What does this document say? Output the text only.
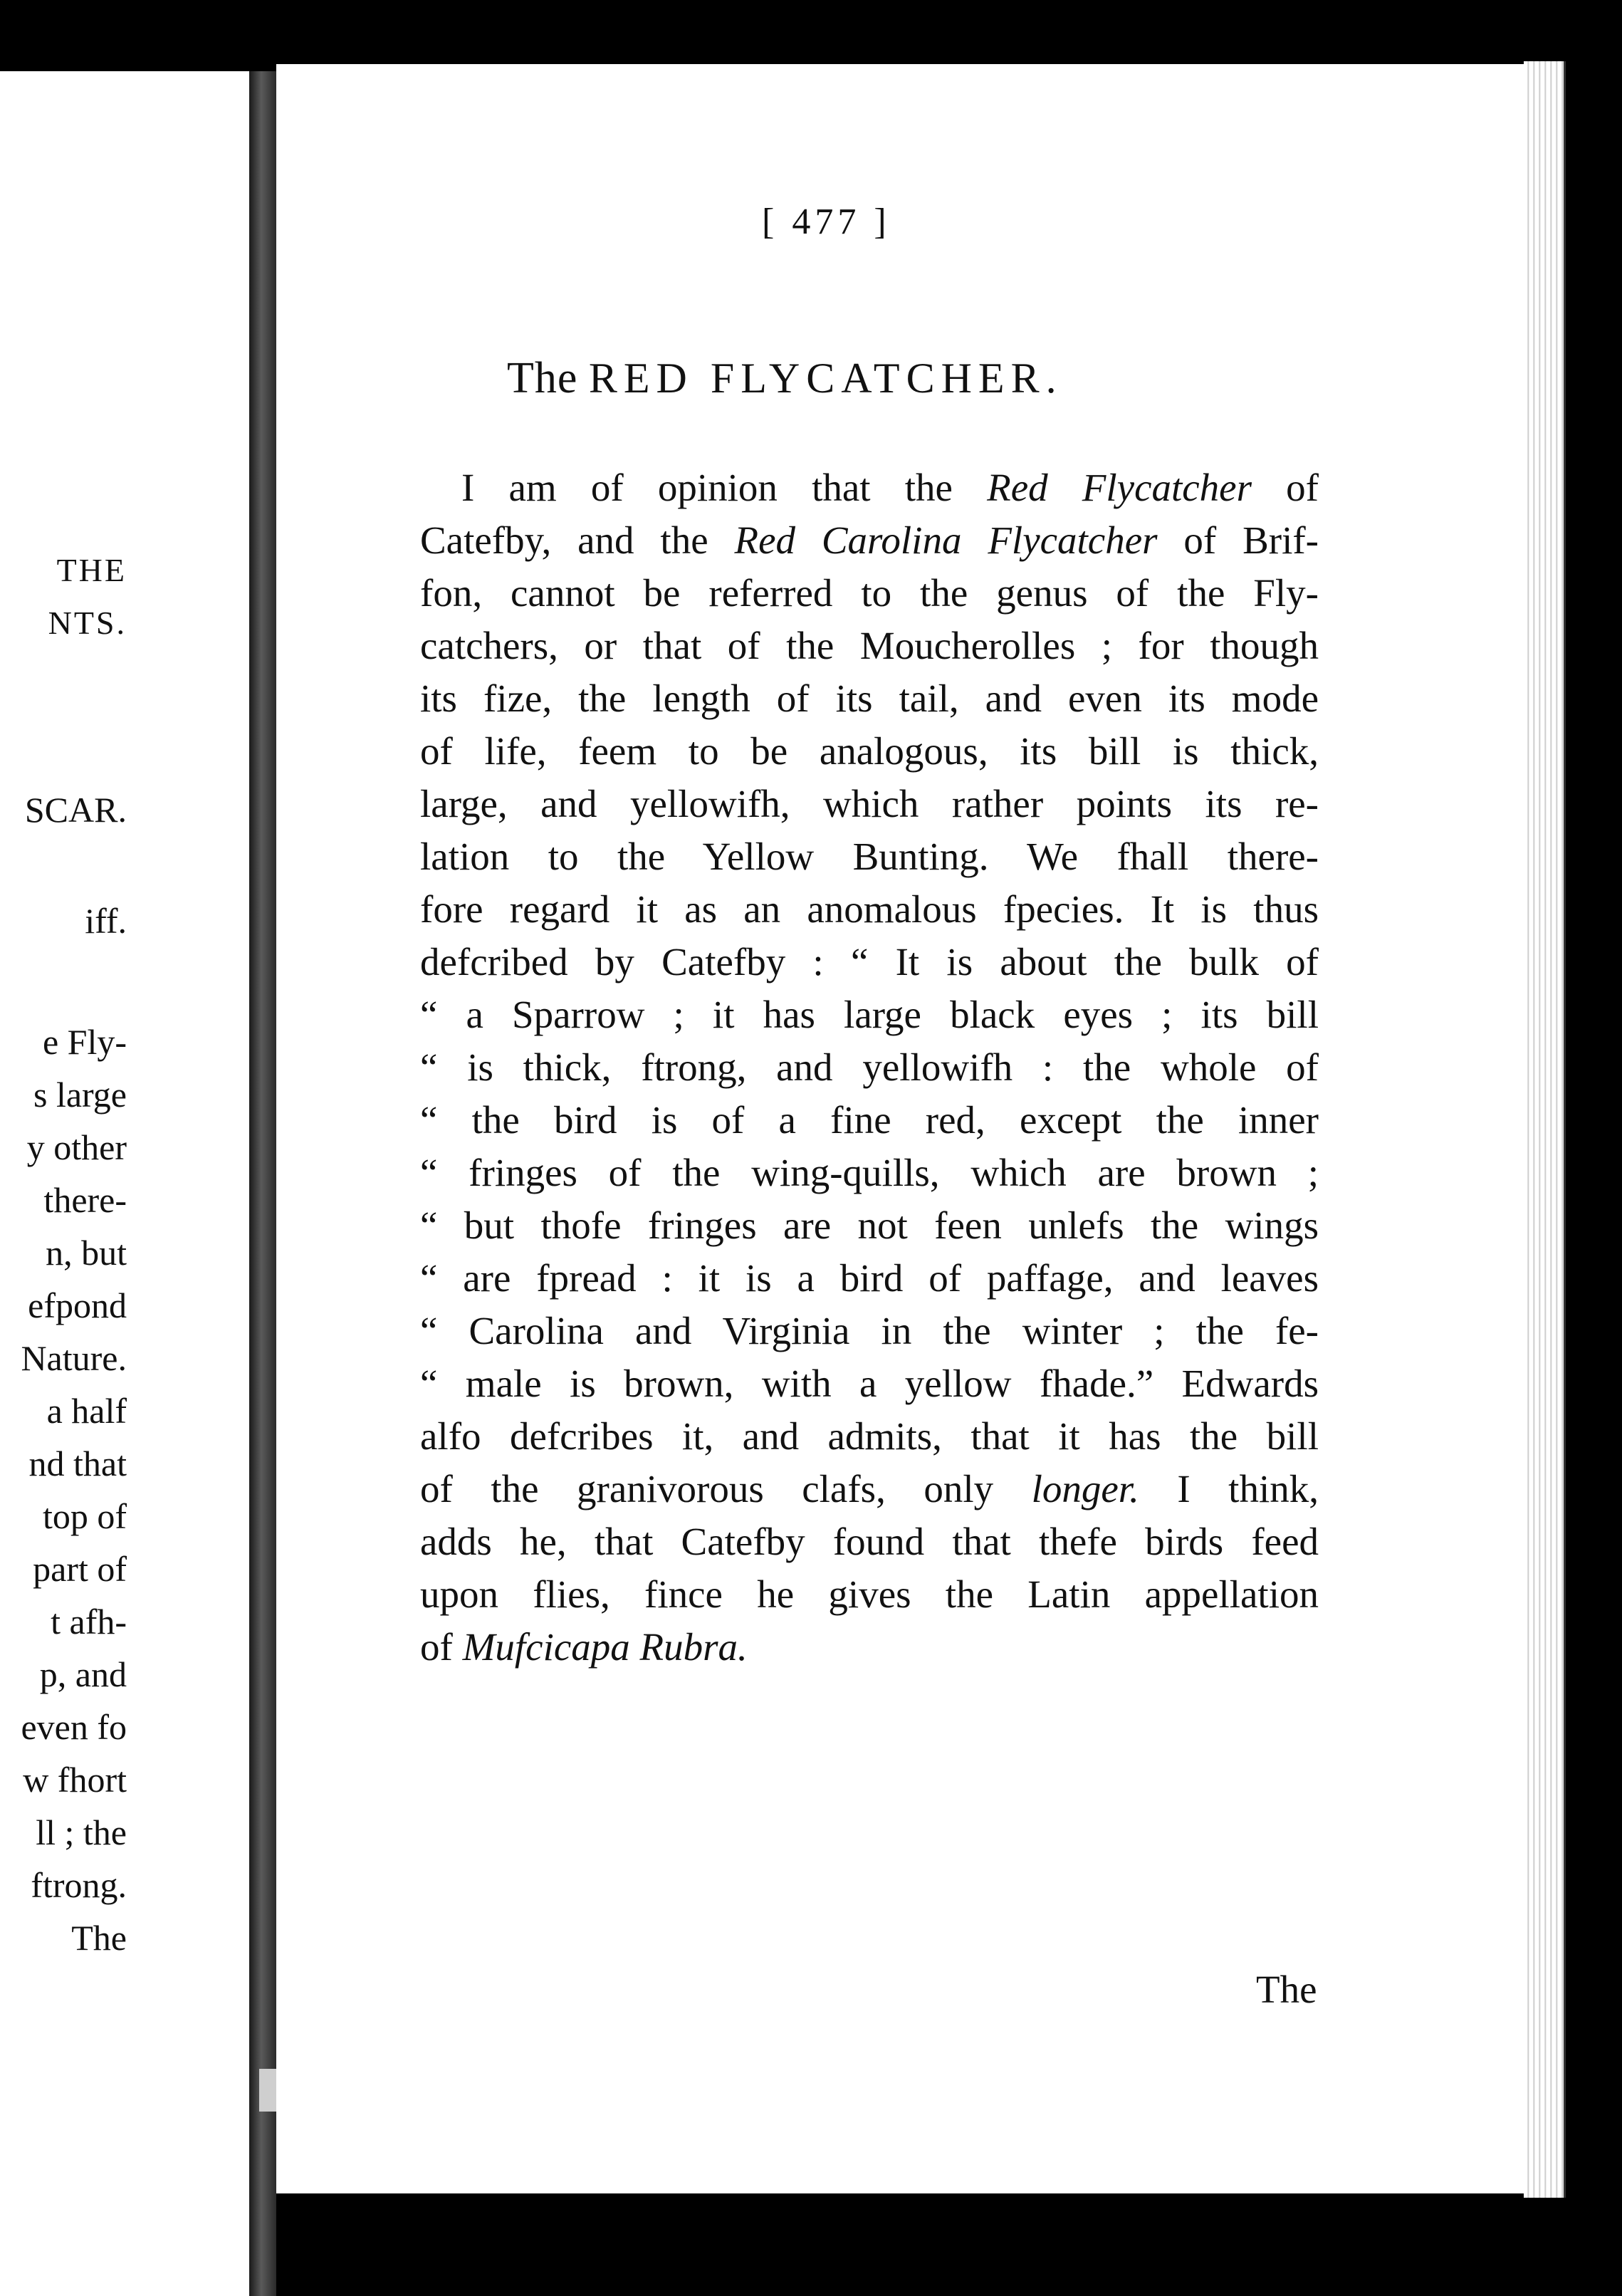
THE
NTS.
SCAR.
iff.
e Fly-
s large
y other
there-
n, but
efpond
Nature.
a half
nd that
top of
part of
t afh-
p, and
even fo
w fhort
ll ; the
ftrong.
The
[ 477 ]
The RED FLYCATCHER.
I am of opinion that the Red Flycatcher of
Catefby, and the Red Carolina Flycatcher of Brif-
fon, cannot be referred to the genus of the Fly-
catchers, or that of the Moucherolles ; for though
its fize, the length of its tail, and even its mode
of life, feem to be analogous, its bill is thick,
large, and yellowifh, which rather points its re-
lation to the Yellow Bunting. We fhall there-
fore regard it as an anomalous fpecies. It is thus
defcribed by Catefby : “ It is about the bulk of
“ a Sparrow ; it has large black eyes ; its bill
“ is thick, ftrong, and yellowifh : the whole of
“ the bird is of a fine red, except the inner
“ fringes of the wing-quills, which are brown ;
“ but thofe fringes are not feen unlefs the wings
“ are fpread : it is a bird of paffage, and leaves
“ Carolina and Virginia in the winter ; the fe-
“ male is brown, with a yellow fhade.” Edwards
alfo defcribes it, and admits, that it has the bill
of the granivorous clafs, only longer. I think,
adds he, that Catefby found that thefe birds feed
upon flies, fince he gives the Latin appellation
of Mufcicapa Rubra.
The
